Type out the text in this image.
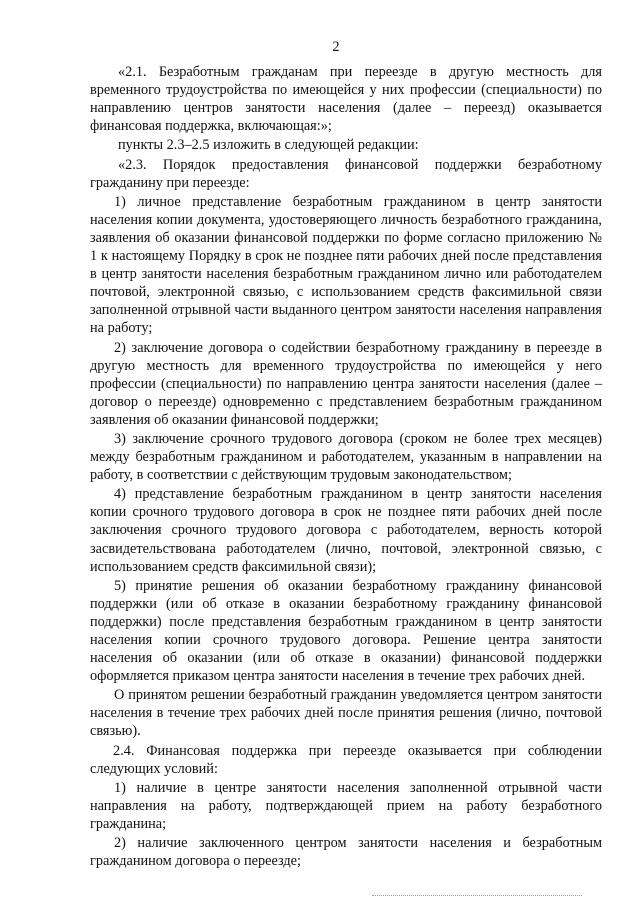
2

«2.1. Безработным гражданам при переезде в другую местность для временного трудоустройства по имеющейся у них профессии (специальности) по направлению центров занятости населения (далее – переезд) оказывается финансовая поддержка, включающая:»;

пункты 2.3–2.5 изложить в следующей редакции:

«2.3. Порядок предоставления финансовой поддержки безработному гражданину при переезде:

1) личное представление безработным гражданином в центр занятости населения копии документа, удостоверяющего личность безработного гражданина, заявления об оказании финансовой поддержки по форме согласно приложению № 1 к настоящему Порядку в срок не позднее пяти рабочих дней после представления в центр занятости населения безработным гражданином лично или работодателем почтовой, электронной связью, с использованием средств факсимильной связи заполненной отрывной части выданного центром занятости населения направления на работу;

2) заключение договора о содействии безработному гражданину в переезде в другую местность для временного трудоустройства по имеющейся у него профессии (специальности) по направлению центра занятости населения (далее – договор о переезде) одновременно с представлением безработным гражданином заявления об оказании финансовой поддержки;

3) заключение срочного трудового договора (сроком не более трех месяцев) между безработным гражданином и работодателем, указанным в направлении на работу, в соответствии с действующим трудовым законодательством;

4) представление безработным гражданином в центр занятости населения копии срочного трудового договора в срок не позднее пяти рабочих дней после заключения срочного трудового договора с работодателем, верность которой засвидетельствована работодателем (лично, почтовой, электронной связью, с использованием средств факсимильной связи);

5) принятие решения об оказании безработному гражданину финансовой поддержки (или об отказе в оказании безработному гражданину финансовой поддержки) после представления безработным гражданином в центр занятости населения копии срочного трудового договора. Решение центра занятости населения об оказании (или об отказе в оказании) финансовой поддержки оформляется приказом центра занятости населения в течение трех рабочих дней.

О принятом решении безработный гражданин уведомляется центром занятости населения в течение трех рабочих дней после принятия решения (лично, почтовой связью).

2.4. Финансовая поддержка при переезде оказывается при соблюдении следующих условий:

1) наличие в центре занятости населения заполненной отрывной части направления на работу, подтверждающей прием на работу безработного гражданина;

2) наличие заключенного центром занятости населения и безработным гражданином договора о переезде;
